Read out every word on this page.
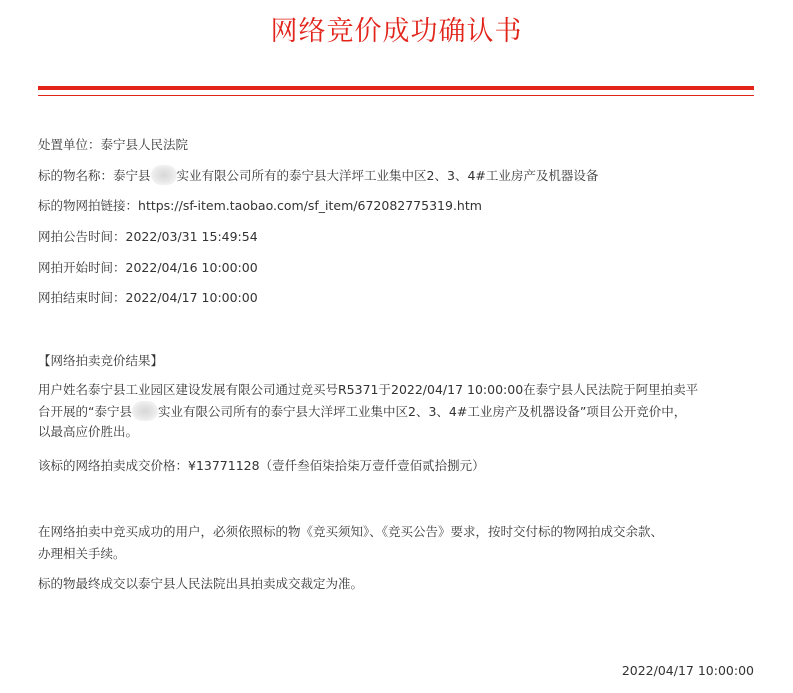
网络竞价成功确认书
处置单位：泰宁县人民法院
标的物名称：泰宁县 实业有限公司所有的泰宁县大洋坪工业集中区2、3、4#工业房产及机器设备
标的物网拍链接：https://sf-item.taobao.com/sf_item/672082775319.htm
网拍公告时间：2022/03/31 15:49:54
网拍开始时间：2022/04/16 10:00:00
网拍结束时间：2022/04/17 10:00:00
【网络拍卖竞价结果】
用户姓名泰宁县工业园区建设发展有限公司通过竞买号R5371于2022/04/17 10:00:00在泰宁县人民法院于阿里拍卖平
台开展的“泰宁县 实业有限公司所有的泰宁县大洋坪工业集中区2、3、4#工业房产及机器设备”项目公开竞价中，
以最高应价胜出。
该标的网络拍卖成交价格：¥13771128（壹仟叁佰柒拾柒万壹仟壹佰贰拾捌元）
在网络拍卖中竞买成功的用户，必须依照标的物《竞买须知》、《竞买公告》要求，按时交付标的物网拍成交余款、
办理相关手续。
标的物最终成交以泰宁县人民法院出具拍卖成交裁定为准。
2022/04/17 10:00:00
